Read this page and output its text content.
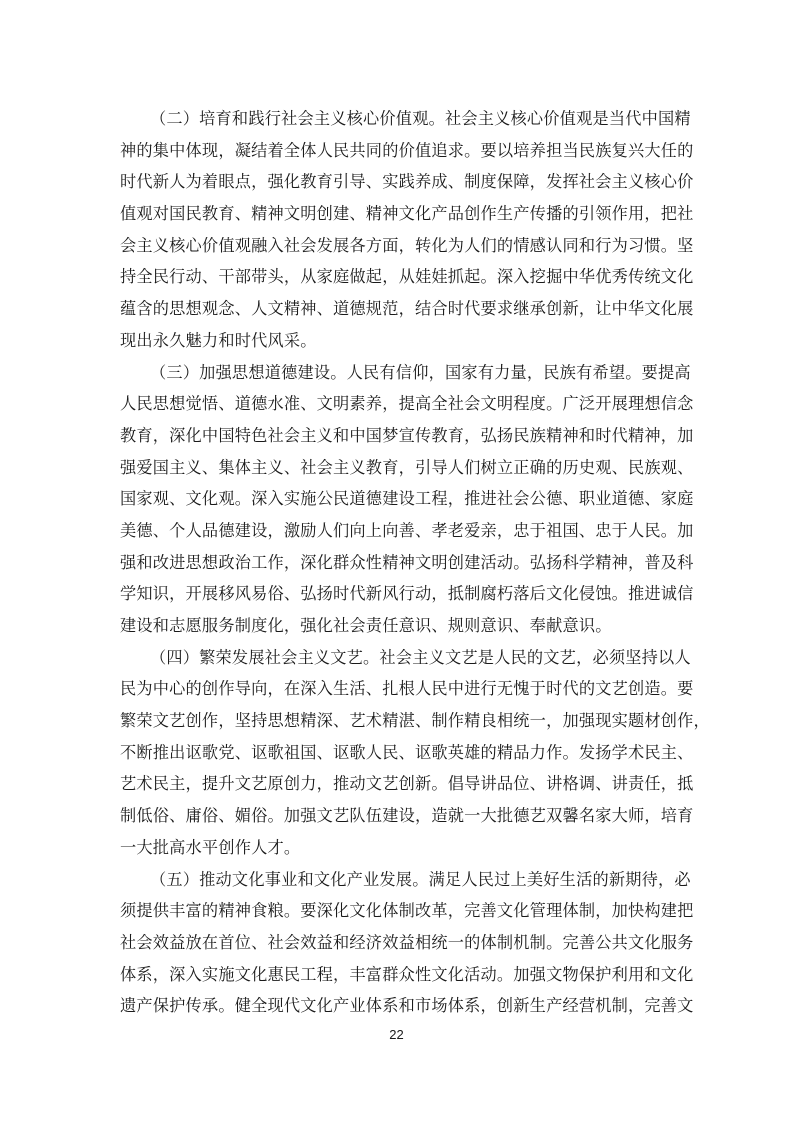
（二）培育和践行社会主义核心价值观。社会主义核心价值观是当代中国精
神的集中体现，凝结着全体人民共同的价值追求。要以培养担当民族复兴大任的
时代新人为着眼点，强化教育引导、实践养成、制度保障，发挥社会主义核心价
值观对国民教育、精神文明创建、精神文化产品创作生产传播的引领作用，把社
会主义核心价值观融入社会发展各方面，转化为人们的情感认同和行为习惯。坚
持全民行动、干部带头，从家庭做起，从娃娃抓起。深入挖掘中华优秀传统文化
蕴含的思想观念、人文精神、道德规范，结合时代要求继承创新，让中华文化展
现出永久魅力和时代风采。
（三）加强思想道德建设。人民有信仰，国家有力量，民族有希望。要提高
人民思想觉悟、道德水准、文明素养，提高全社会文明程度。广泛开展理想信念
教育，深化中国特色社会主义和中国梦宣传教育，弘扬民族精神和时代精神，加
强爱国主义、集体主义、社会主义教育，引导人们树立正确的历史观、民族观、
国家观、文化观。深入实施公民道德建设工程，推进社会公德、职业道德、家庭
美德、个人品德建设，激励人们向上向善、孝老爱亲，忠于祖国、忠于人民。加
强和改进思想政治工作，深化群众性精神文明创建活动。弘扬科学精神，普及科
学知识，开展移风易俗、弘扬时代新风行动，抵制腐朽落后文化侵蚀。推进诚信
建设和志愿服务制度化，强化社会责任意识、规则意识、奉献意识。
（四）繁荣发展社会主义文艺。社会主义文艺是人民的文艺，必须坚持以人
民为中心的创作导向，在深入生活、扎根人民中进行无愧于时代的文艺创造。要
繁荣文艺创作，坚持思想精深、艺术精湛、制作精良相统一，加强现实题材创作，
不断推出讴歌党、讴歌祖国、讴歌人民、讴歌英雄的精品力作。发扬学术民主、
艺术民主，提升文艺原创力，推动文艺创新。倡导讲品位、讲格调、讲责任，抵
制低俗、庸俗、媚俗。加强文艺队伍建设，造就一大批德艺双馨名家大师，培育
一大批高水平创作人才。
（五）推动文化事业和文化产业发展。满足人民过上美好生活的新期待，必
须提供丰富的精神食粮。要深化文化体制改革，完善文化管理体制，加快构建把
社会效益放在首位、社会效益和经济效益相统一的体制机制。完善公共文化服务
体系，深入实施文化惠民工程，丰富群众性文化活动。加强文物保护利用和文化
遗产保护传承。健全现代文化产业体系和市场体系，创新生产经营机制，完善文
22
